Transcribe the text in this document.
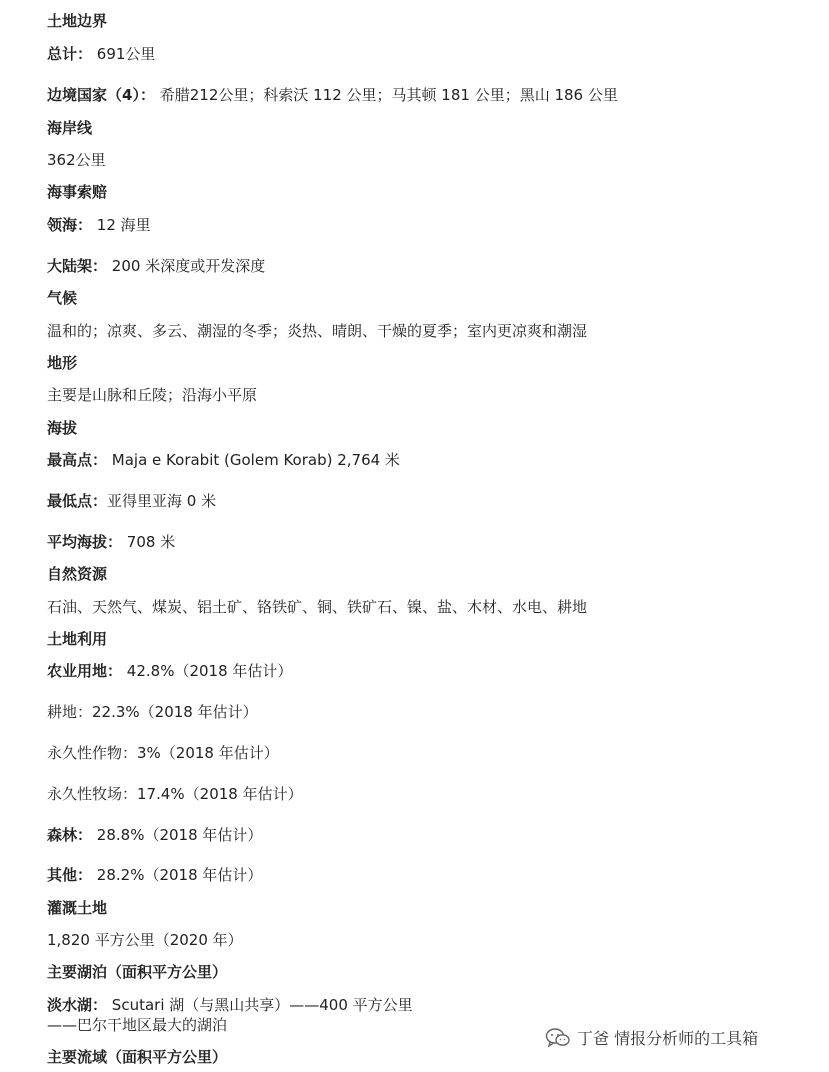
土地边界
总计： 691公里
边境国家（4）： 希腊212公里；科索沃 112 公里；马其顿 181 公里；黑山 186 公里
海岸线
362公里
海事索赔
领海： 12 海里
大陆架： 200 米深度或开发深度
气候
温和的；凉爽、多云、潮湿的冬季；炎热、晴朗、干燥的夏季；室内更凉爽和潮湿
地形
主要是山脉和丘陵；沿海小平原
海拔
最高点： Maja e Korabit (Golem Korab) 2,764 米
最低点：亚得里亚海 0 米
平均海拔： 708 米
自然资源
石油、天然气、煤炭、铝土矿、铬铁矿、铜、铁矿石、镍、盐、木材、水电、耕地
土地利用
农业用地： 42.8%（2018 年估计）
耕地：22.3%（2018 年估计）
永久性作物：3%（2018 年估计）
永久性牧场：17.4%（2018 年估计）
森林： 28.8%（2018 年估计）
其他： 28.2%（2018 年估计）
灌溉土地
1,820 平方公里（2020 年）
主要湖泊（面积平方公里）
淡水湖： Scutari 湖（与黑山共享）——400 平方公里
——巴尔干地区最大的湖泊
主要流域（面积平方公里）
丁爸 情报分析师的工具箱
